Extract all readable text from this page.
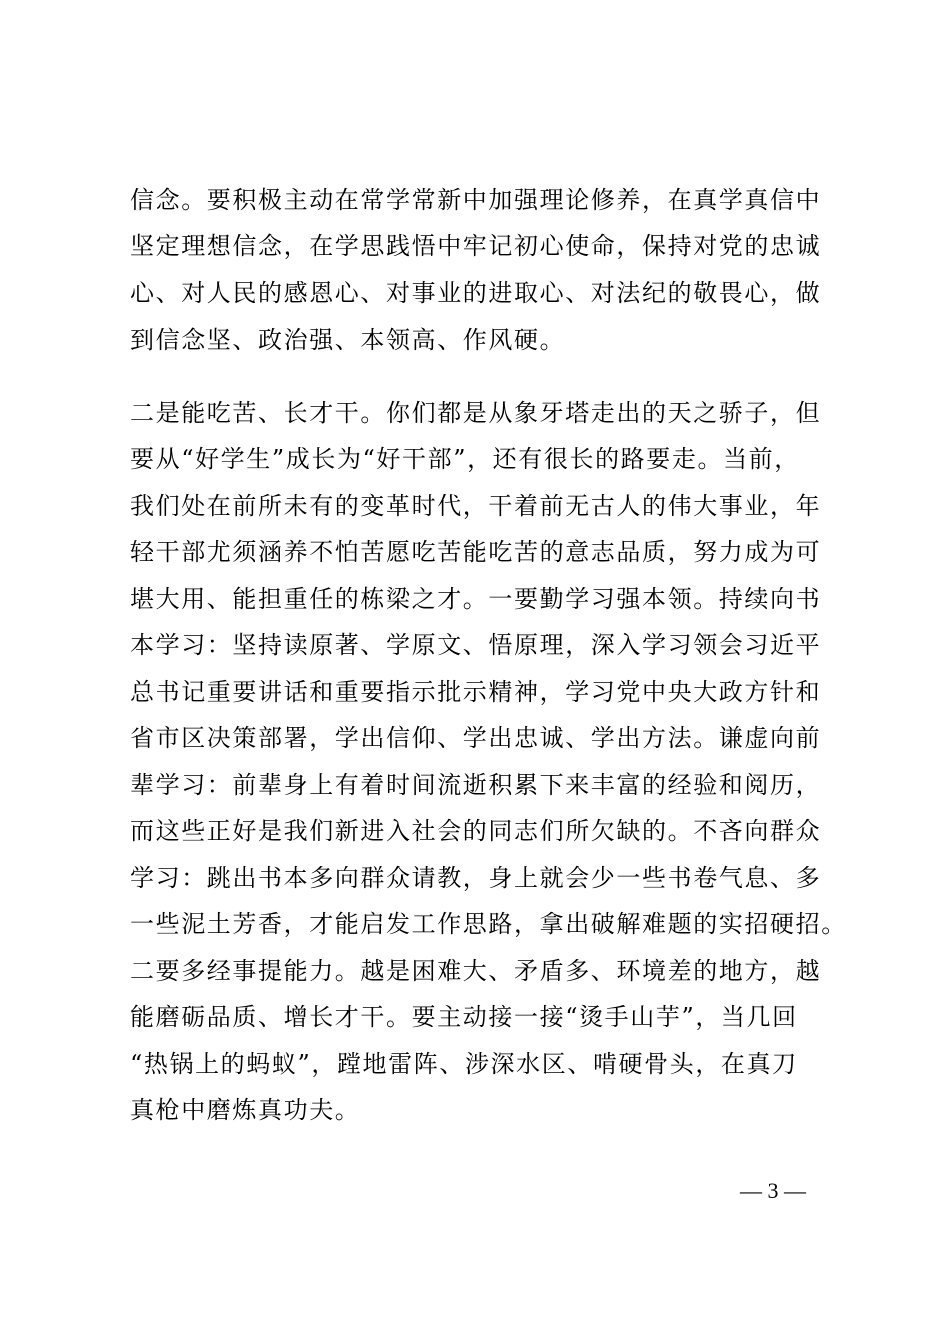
信念。要积极主动在常学常新中加强理论修养，在真学真信中
坚定理想信念，在学思践悟中牢记初心使命，保持对党的忠诚
心、对人民的感恩心、对事业的进取心、对法纪的敬畏心，做
到信念坚、政治强、本领高、作风硬。
二是能吃苦、长才干。你们都是从象牙塔走出的天之骄子，但
要从“好学生”成长为“好干部”，还有很长的路要走。当前，
我们处在前所未有的变革时代，干着前无古人的伟大事业，年
轻干部尤须涵养不怕苦愿吃苦能吃苦的意志品质，努力成为可
堪大用、能担重任的栋梁之才。一要勤学习强本领。持续向书
本学习：坚持读原著、学原文、悟原理，深入学习领会习近平
总书记重要讲话和重要指示批示精神，学习党中央大政方针和
省市区决策部署，学出信仰、学出忠诚、学出方法。谦虚向前
辈学习：前辈身上有着时间流逝积累下来丰富的经验和阅历，
而这些正好是我们新进入社会的同志们所欠缺的。不吝向群众
学习：跳出书本多向群众请教，身上就会少一些书卷气息、多
一些泥土芳香，才能启发工作思路，拿出破解难题的实招硬招。
二要多经事提能力。越是困难大、矛盾多、环境差的地方，越
能磨砺品质、增长才干。要主动接一接“烫手山芋”，当几回
“热锅上的蚂蚁”，蹚地雷阵、涉深水区、啃硬骨头，在真刀
真枪中磨炼真功夫。
— 3 —
